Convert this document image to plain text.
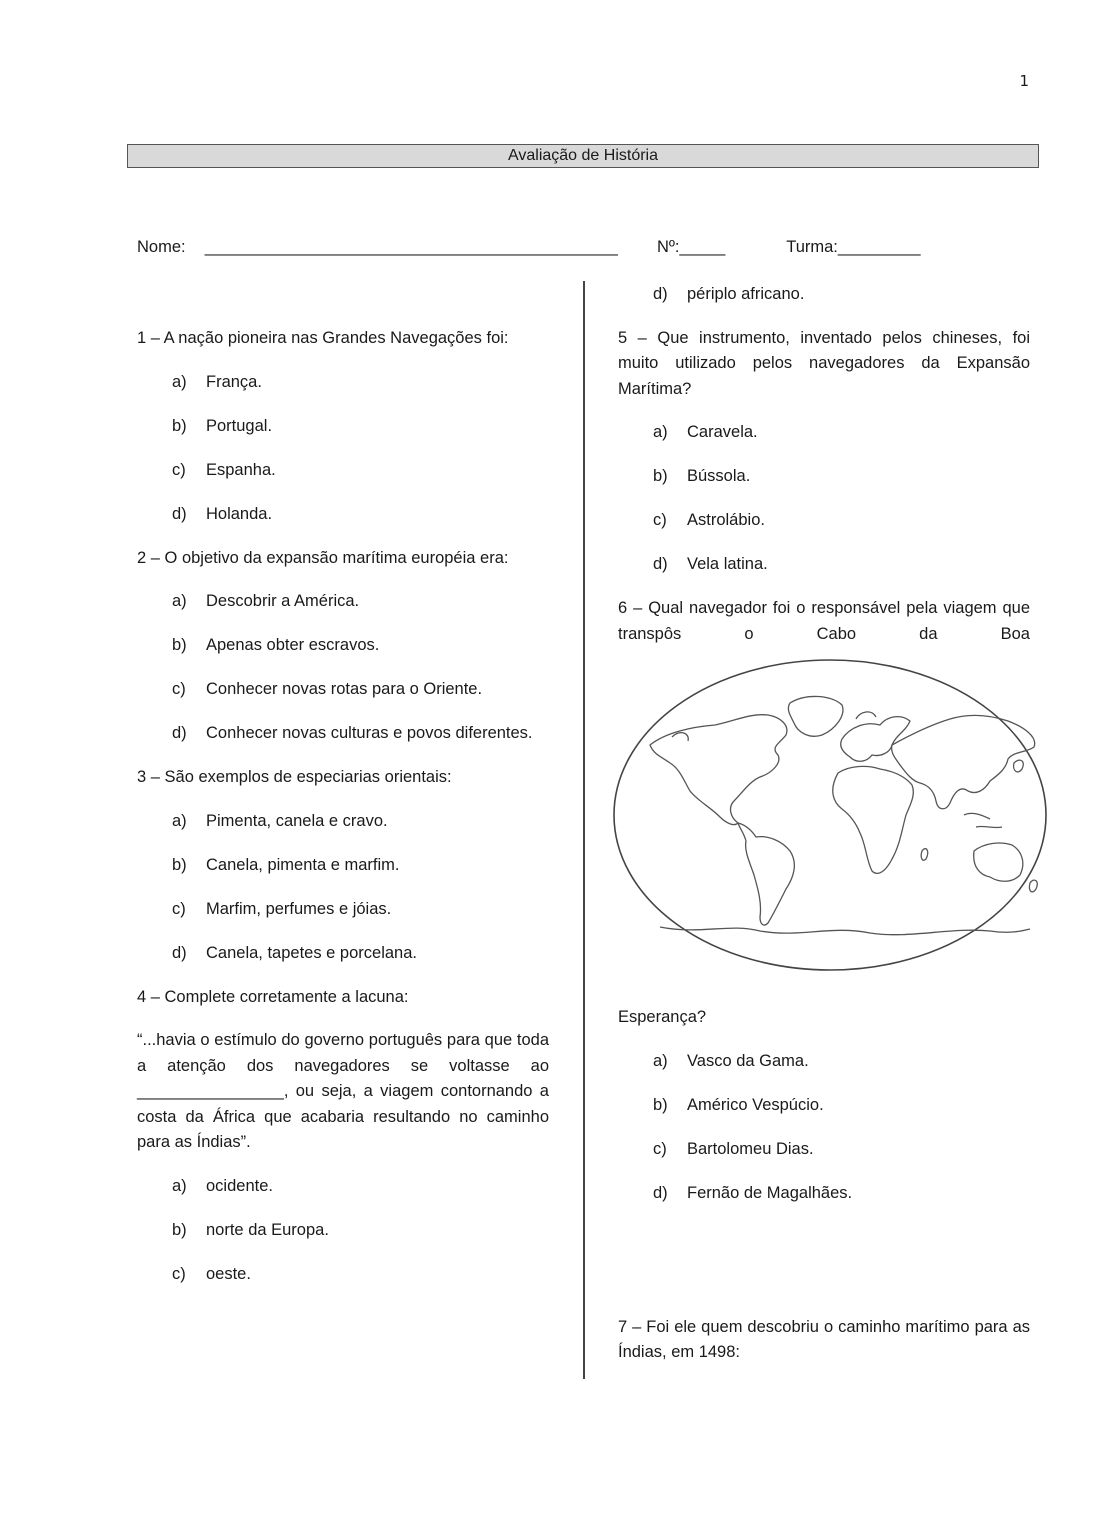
1
Avaliação de História
Nome: _____________________________________________ Nº:_____	Turma:_________

1 – A nação pioneira nas Grandes Navegações foi:

a)	França.
b)	Portugal.
c)	Espanha.
d)	Holanda.

2 – O objetivo da expansão marítima européia era:

a)	Descobrir a América.
b)	Apenas obter escravos.
c)	Conhecer novas rotas para o Oriente.
d)	Conhecer novas culturas e povos diferentes.

3 – São exemplos de especiarias orientais:

a)	Pimenta, canela e cravo.
b)	Canela, pimenta e marfim.
c)	Marfim, perfumes e jóias.
d)	Canela, tapetes e porcelana.

4 – Complete corretamente a lacuna:

“...havia o estímulo do governo português para que toda a atenção dos navegadores se voltasse ao ________________, ou seja, a viagem contornando a costa da África que acabaria resultando no caminho para as Índias”.

a)	ocidente.
b)	norte da Europa.
c)	oeste.
d)	périplo africano.

5 – Que instrumento, inventado pelos chineses, foi muito utilizado pelos navegadores da Expansão Marítima?

a)	Caravela.
b)	Bússola.
c)	Astrolábio.
d)	Vela latina.

6 – Qual navegador foi o responsável pela viagem que transpôs o Cabo da Boa

Esperança?

a)	Vasco da Gama.
b)	Américo Vespúcio.
c)	Bartolomeu Dias.
d)	Fernão de Magalhães.

7 – Foi ele quem descobriu o caminho marítimo para as Índias, em 1498:
